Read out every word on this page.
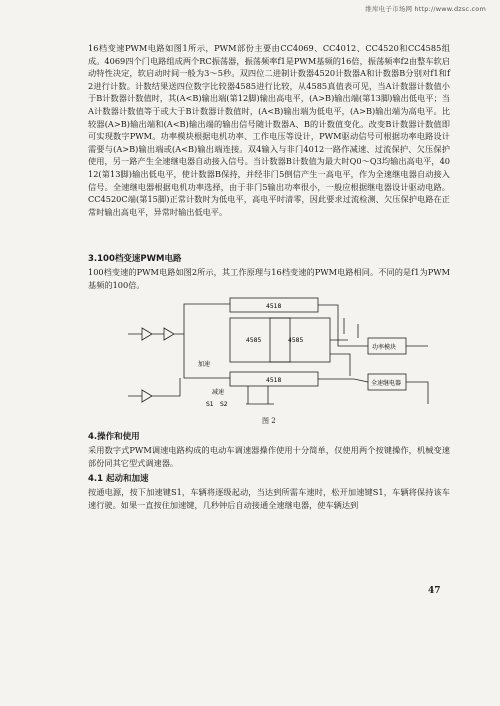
维库电子市场网 http://www.dzsc.com

16档变速PWM电路如图1所示，PWM部份主要由CC4069、CC4012、CC4520和CC4585组成。4069四个门电路组成两个RC振荡器，振荡频率f1是PWM基频的16倍，振荡频率f2由整车软启动特性决定，软启动时间一般为3～5秒。双四位二进制计数器4520计数器A和计数器B分别对f1和f2进行计数。计数结果送四位数字比较器4585进行比较，从4585真值表可见，当A计数器计数值小于B计数器计数值时，其(A<B)输出端(第12脚)输出高电平，(A>B)输出端(第13脚)输出低电平；当A计数器计数值等于或大于B计数器计数值时，(A<B)输出端为低电平，(A>B)输出端为高电平。比较器(A>B)输出端和(A<B)输出端的输出信号随计数器A、B的计数值变化。改变B计数器计数值即可实现数字PWM。功率模块根据电机功率、工作电压等设计，PWM驱动信号可根据功率电路设计需要与(A>B)输出端或(A<B)输出端连接。双4输入与非门4012一路作减速、过流保护、欠压保护使用，另一路产生全速继电器自动接入信号。当计数器B计数值为最大时Q0～Q3均输出高电平，4012(第13脚)输出低电平，使计数器B保持，并经非门5倒信产生一高电平，作为全速继电器自动接入信号。全速继电器根据电机功率选择，由于非门5输出功率很小，一般应根据继电器设计驱动电路。CC4520C端(第15脚)正常计数时为低电平，高电平时清零，因此要求过流检测、欠压保护电路在正常时输出高电平，异常时输出低电平。

3.100档变速PWM电路

100档变速的PWM电路如图2所示，其工作原理与16档变速的PWM电路相同。不同的是f1为PWM基频的100倍。

4518
4585	4585
4518
功率模块
全速继电器
加速
减速
S1 S2
图 2

4.操作和使用

采用数字式PWM调速电路构成的电动车调速器操作使用十分简单，仅使用两个按键操作，机械变速部份同其它型式调速器。

4.1 起动和加速

按通电源，按下加速键S1，车辆将逐级起动，当达到所需车速时，松开加速键S1，车辆将保持该车速行驶。如果一直按住加速键，几秒钟后自动接通全速继电器，使车辆达到

47
